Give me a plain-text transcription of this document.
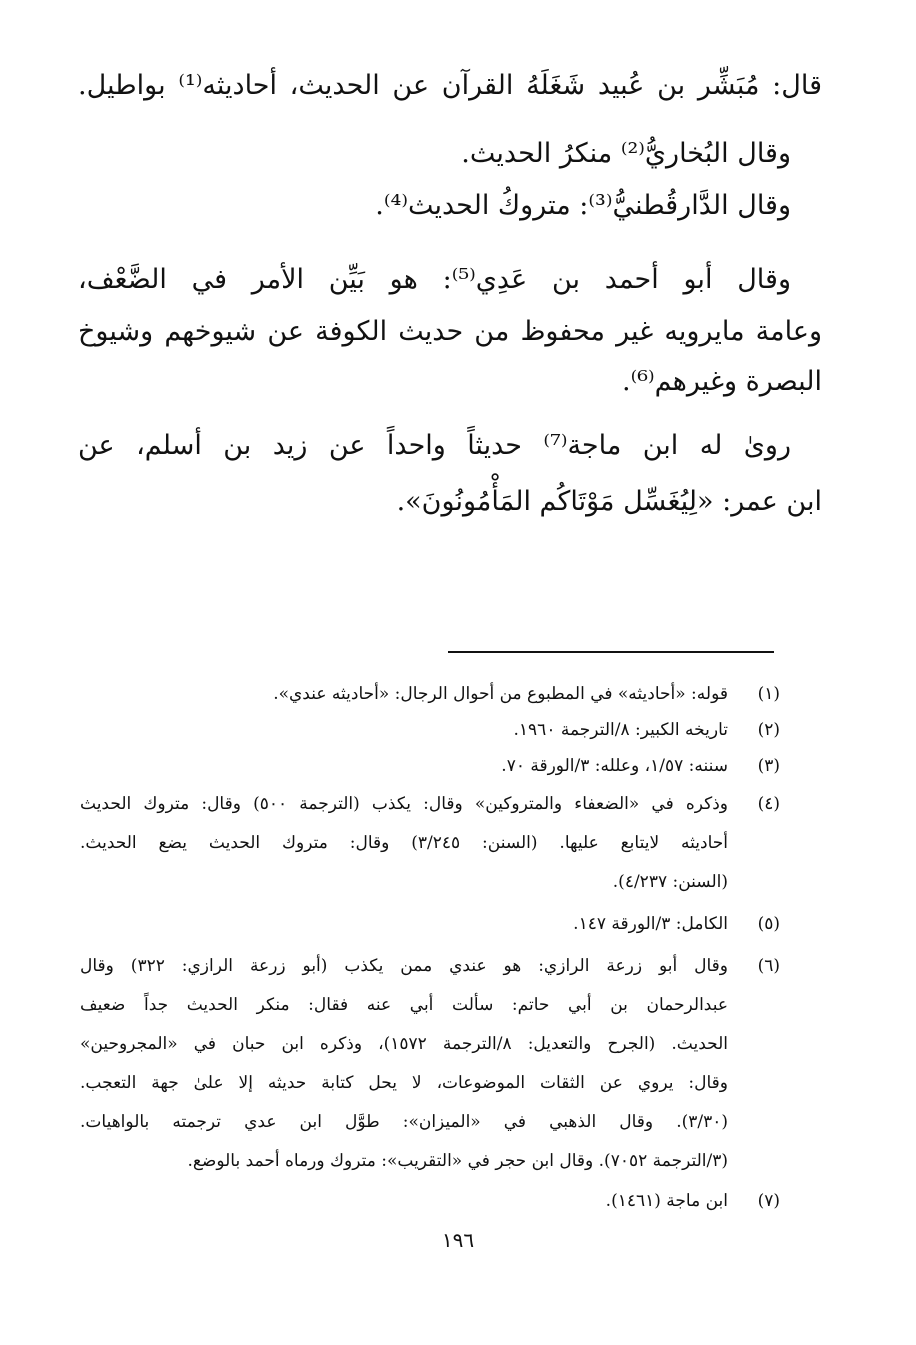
قال: مُبَشِّر بن عُبيد شَغَلَهُ القرآن عن الحديث، أحاديثه⁽¹⁾ بواطيل.
وقال البُخاريُّ⁽²⁾ منكرُ الحديث.
وقال الدَّارقُطنيُّ⁽³⁾: متروكُ الحديث⁽⁴⁾.
وقال أبو أحمد بن عَدِي⁽⁵⁾: هو بَيِّن الأمر في الضَّعْف،
وعامة مايرويه غير محفوظ من حديث الكوفة عن شيوخهم وشيوخ
البصرة وغيرهم⁽⁶⁾.
روىٰ له ابن ماجة⁽⁷⁾ حديثاً واحداً عن زيد بن أسلم، عن
ابن عمر: «لِيُغَسِّل مَوْتَاكُم المَأْمُونُونَ».
(١)
قوله: «أحاديثه» في المطبوع من أحوال الرجال: «أحاديثه عندي».
(٢)
تاريخه الكبير: ٨/الترجمة ١٩٦٠.
(٣)
سننه: ١/٥٧، وعلله: ٣/الورقة ٧٠.
(٤)
وذكره في «الضعفاء والمتروكين» وقال: يكذب (الترجمة ٥٠٠) وقال: متروك الحديث
أحاديثه لايتابع عليها. (السنن: ٣/٢٤٥) وقال: متروك الحديث يضع الحديث.
(السنن: ٤/٢٣٧).
(٥)
الكامل: ٣/الورقة ١٤٧.
(٦)
وقال أبو زرعة الرازي: هو عندي ممن يكذب (أبو زرعة الرازي: ٣٢٢) وقال
عبدالرحمان بن أبي حاتم: سألت أبي عنه فقال: منكر الحديث جداً ضعيف
الحديث. (الجرح والتعديل: ٨/الترجمة ١٥٧٢)، وذكره ابن حبان في «المجروحين»
وقال: يروي عن الثقات الموضوعات، لا يحل كتابة حديثه إلا علىٰ جهة التعجب.
(٣/٣٠). وقال الذهبي في «الميزان»: طوَّل ابن عدي ترجمته بالواهيات.
(٣/الترجمة ٧٠٥٢). وقال ابن حجر في «التقريب»: متروك ورماه أحمد بالوضع.
(٧)
ابن ماجة (١٤٦١).
١٩٦
